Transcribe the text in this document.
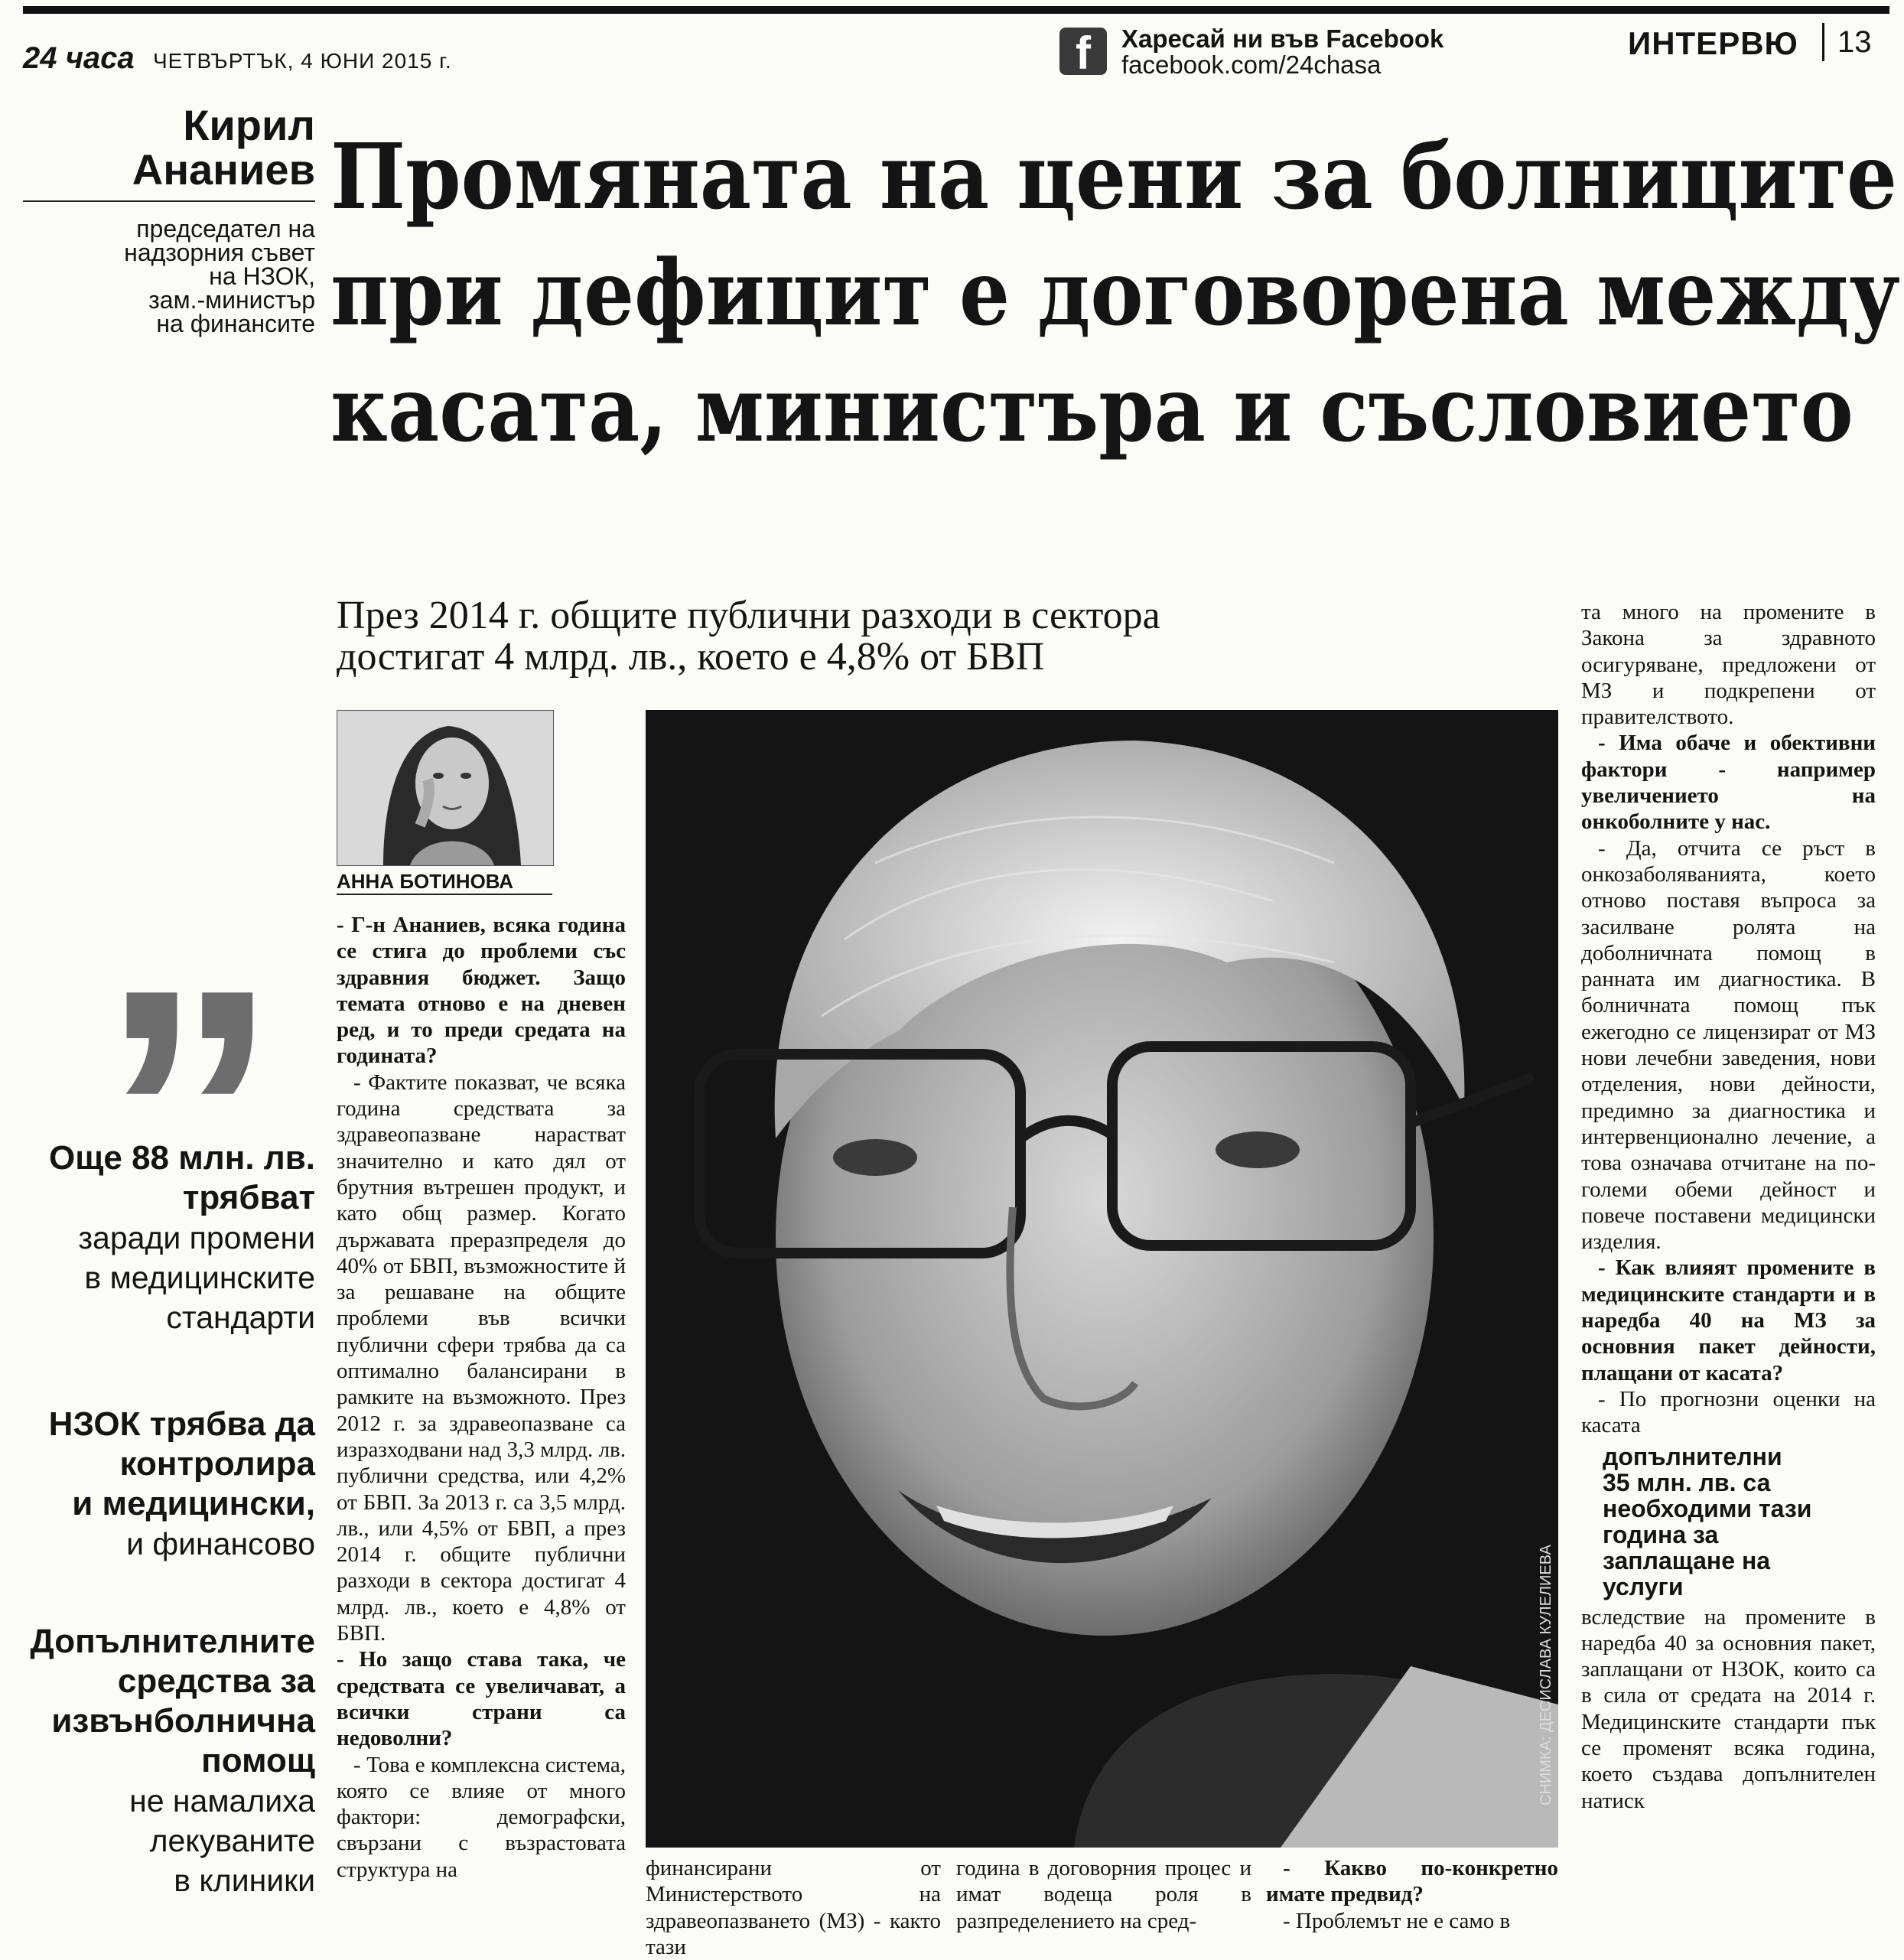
24 часа ЧЕТВЪРТЪК, 4 ЮНИ 2015 г.	f	Харесай ни във Facebook
facebook.com/24chasa
ИНТЕРВЮ 13
Кирил
Ананиев
председател на
надзорния съвет
на НЗОК,
зам.-министър
на финансите
„
Още 88 млн. лв.
трябват
заради промени
в медицинските
стандарти
НЗОК трябва да
контролира
и медицински,
и финансово
Допълнителните
средства за
извънболнична
помощ
не намалиха
лекуваните
в клиники
Промяната на цени за болниците
при дефицит е договорена между
касата, министъра и съсловието
През 2014 г. общите публични разходи в сектора
достигат 4 млрд. лв., което е 4,8% от БВП
АННА БОТИНОВА
СНИМКА: ДЕСИСЛАВА КУЛЕЛИЕВА

- Г-н Ананиев, всяка година се стига до проблеми със здравния бюджет. Защо темата отново е на дневен ред, и то преди средата на годината?

- Фактите показват, че всяка година средствата за здравеопазване нарастват значително и като дял от брутния вътрешен продукт, и като общ размер. Когато държавата преразпределя до 40% от БВП, възможностите й за решаване на общите проблеми във всички публични сфери трябва да са оптимално балансирани в рамките на възможното. През 2012 г. за здравеопазване са изразходвани над 3,3 млрд. лв. публични средства, или 4,2% от БВП. За 2013 г. са 3,5 млрд. лв., или 4,5% от БВП, а през 2014 г. общите публични разходи в сектора достигат 4 млрд. лв., което е 4,8% от БВП.

- Но защо става така, че средствата се увеличават, а всички страни са недоволни?

- Това е комплексна система, която се влияе от много фактори: демографски, свързани с възрастовата структура на

та много на промените в Закона за здравното осигуряване, предложени от МЗ и подкрепени от правителството.

- Има обаче и обективни фактори - например увеличението на онкоболните у нас.

- Да, отчита се ръст в онкозаболяванията, което отново поставя въпроса за засилване ролята на доболничната помощ в ранната им диагностика. В болничната помощ пък ежегодно се лицензират от МЗ нови лечебни заведения, нови отделения, нови дейности, предимно за диагностика и интервенционално лечение, а това означава отчитане на по-големи обеми дейност и повече поставени медицински изделия.

- Как влияят промените в медицинските стандарти и в наредба 40 на МЗ за основния пакет дейности, плащани от касата?

- По прогнозни оценки на касата

допълнителни
35 млн. лв. са
необходими тази
година за
заплащане на
услуги

вследствие на промените в наредба 40 за основния пакет, заплащани от НЗОК, които са в сила от средата на 2014 г. Медицинските стандарти пък се променят всяка година, което създава допълнителен натиск

финансирани от Министерството на здравеопазването (МЗ) - както тази

година в договорния процес и имат водеща роля в разпределението на сред-

- Какво по-конкретно имате предвид?

- Проблемът не е само в
